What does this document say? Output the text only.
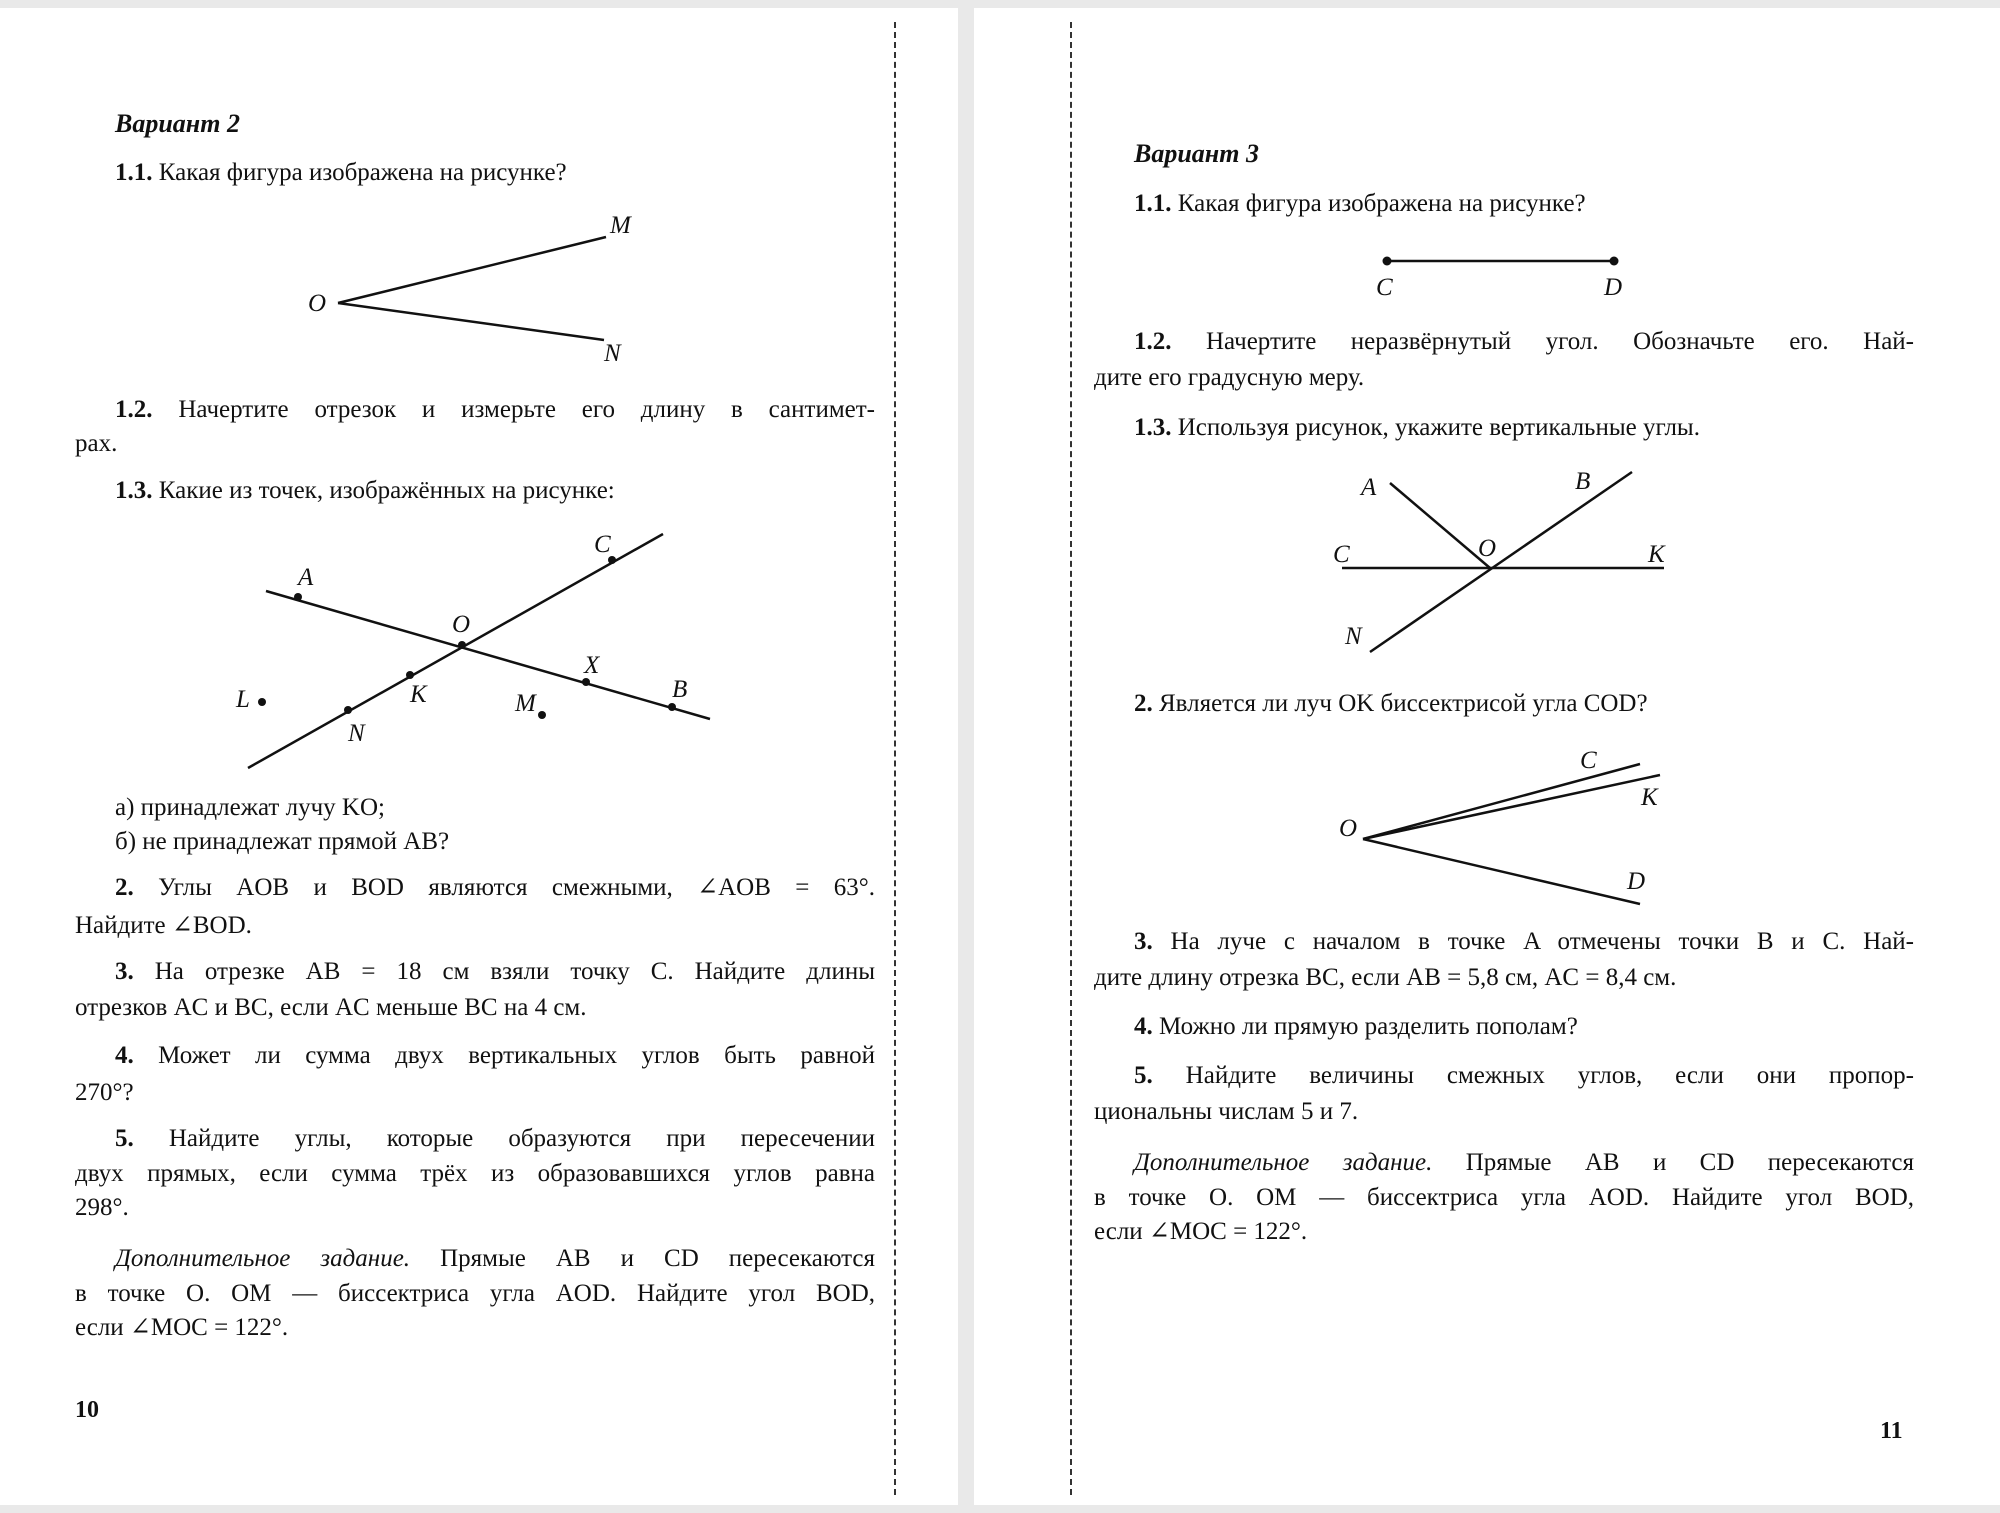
Вариант 2
1.1. Какая фигура изображена на рисунке?
M
O
N
1.2. Начертите отрезок и измерьте его длину в сантимет-
рах.
1.3. Какие из точек, изображённых на рисунке:
A
C
O
X
B
L	K	M
N
а) принадлежат лучу KO;
б) не принадлежат прямой AB?
2. Углы AOB и BOD являются смежными, ∠AOB = 63°.
Найдите ∠BOD.
3. На отрезке AB = 18 см взяли точку C. Найдите длины
отрезков AC и BC, если AC меньше BC на 4 см.
4. Может ли сумма двух вертикальных углов быть равной
270°?
5. Найдите углы, которые образуются при пересечении
двух прямых, если сумма трёх из образовавшихся углов равна
298°.
Дополнительное задание. Прямые AB и CD пересекаются
в точке O. OM — биссектриса угла AOD. Найдите угол BOD,
если ∠MOC = 122°.
10
Вариант 3
1.1. Какая фигура изображена на рисунке?
C	D
1.2. Начертите неразвёрнутый угол. Обозначьте его. Най-
дите его градусную меру.
1.3. Используя рисунок, укажите вертикальные углы.
A	B
C	O	K
N
2. Является ли луч OK биссектрисой угла COD?
C
K
O
D
3. На луче с началом в точке A отмечены точки B и C. Най-
дите длину отрезка BC, если AB = 5,8 см, AC = 8,4 см.
4. Можно ли прямую разделить пополам?
5. Найдите величины смежных углов, если они пропор-
циональны числам 5 и 7.
Дополнительное задание. Прямые AB и CD пересекаются
в точке O. OM — биссектриса угла AOD. Найдите угол BOD,
если ∠MOC = 122°.
11
